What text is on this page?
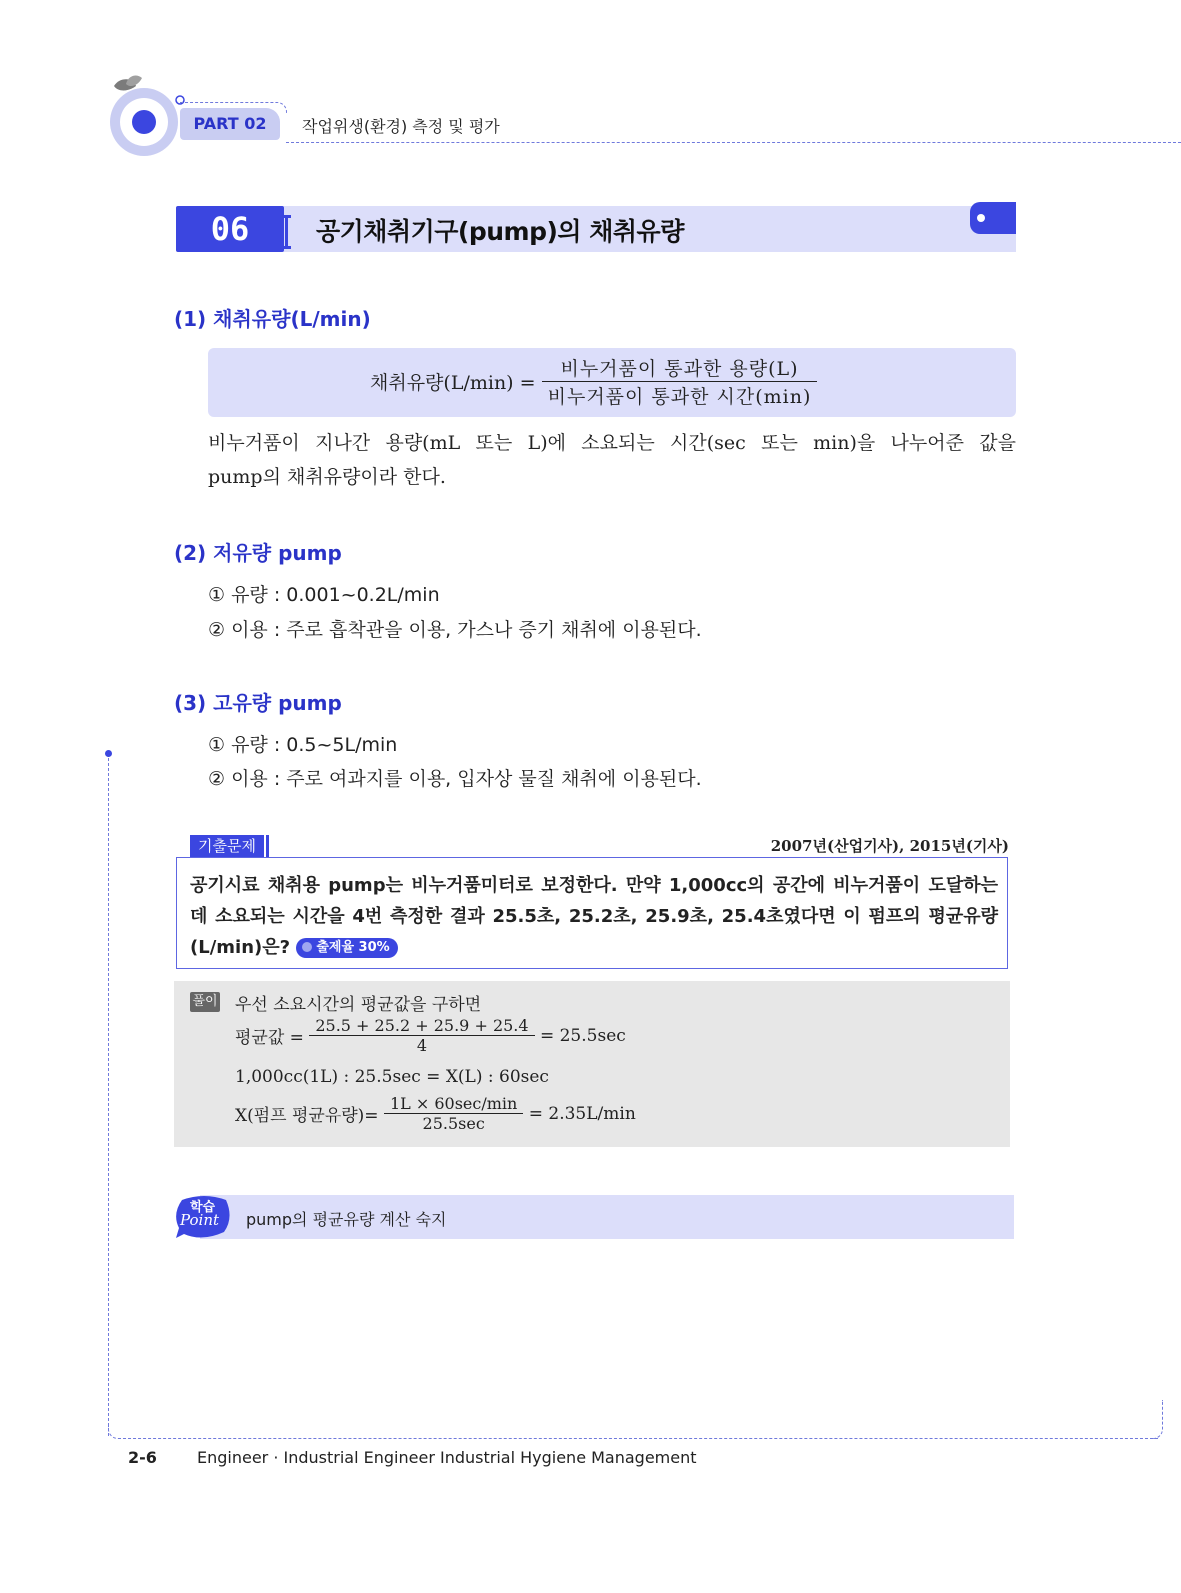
PART 02	작업위생(환경) 측정 및 평가
06	공기채취기구(pump)의 채취유량
(1) 채취유량(L/min)
채취유량$(L/\min) = \frac{\text{비누거품이 통과한 용량(L)}}{\text{비누거품이 통과한 시간(min)}}$
비누거품이 지나간 용량(mL 또는 L)에 소요되는 시간(sec 또는 min)을 나누어준 값을
pump의 채취유량이라 한다.
(2) 저유량 pump
① 유량 : 0.001~0.2L/min
② 이용 : 주로 흡착관을 이용, 가스나 증기 채취에 이용된다.
(3) 고유량 pump
① 유량 : 0.5~5L/min
② 이용 : 주로 여과지를 이용, 입자상 물질 채취에 이용된다.
기출문제	2007년(산업기사), 2015년(기사)
공기시료 채취용 pump는 비누거품미터로 보정한다. 만약 1,000cc의 공간에 비누거품이 도달하는
데 소요되는 시간을 4번 측정한 결과 25.5초, 25.2초, 25.9초, 25.4초였다면 이 펌프의 평균유량
(L/min)은? 출제율 30%
풀이 우선 소요시간의 평균값을 구하면
평균값 = $\frac{25.5 + 25.2 + 25.9 + 25.4}{4} = 25.5\sec$
1,000cc(1L) : 25.5sec = X(L) : 60sec
X(펌프 평균유량)= $\frac{1L \times 60\sec/\min}{25.5\sec} = 2.35L/\min$
학습
Point pump의 평균유량 계산 숙지
2-6	Engineer · Industrial Engineer Industrial Hygiene Management
